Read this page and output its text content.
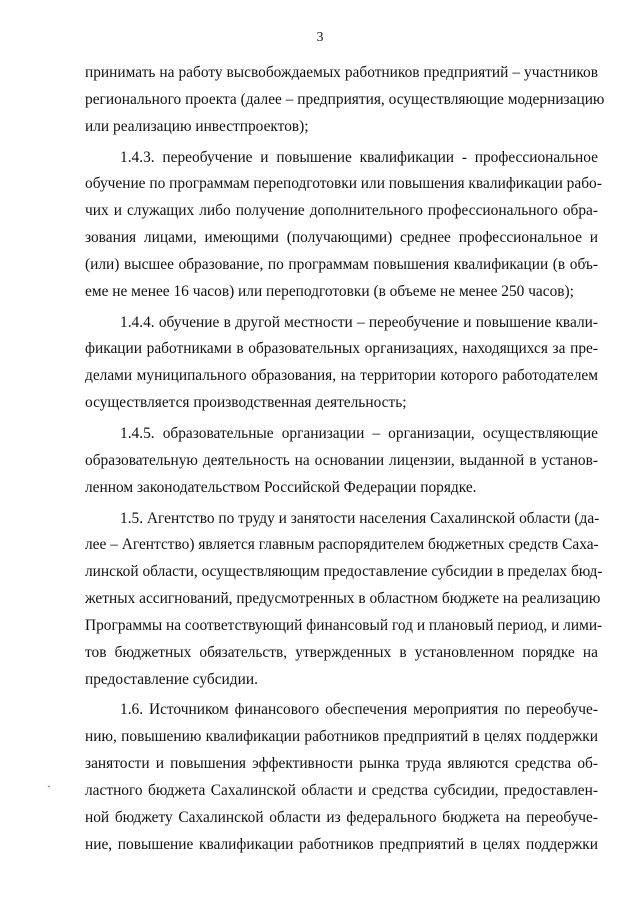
3
принимать на работу высвобождаемых работников предприятий – участников
регионального проекта (далее – предприятия, осуществляющие модернизацию
или реализацию инвестпроектов);
1.4.3. переобучение и повышение квалификации - профессиональное
обучение по программам переподготовки или повышения квалификации рабо-
чих и служащих либо получение дополнительного профессионального обра-
зования лицами, имеющими (получающими) среднее профессиональное и
(или) высшее образование, по программам повышения квалификации (в объ-
еме не менее 16 часов) или переподготовки (в объеме не менее 250 часов);
1.4.4. обучение в другой местности – переобучение и повышение квали-
фикации работниками в образовательных организациях, находящихся за пре-
делами муниципального образования, на территории которого работодателем
осуществляется производственная деятельность;
1.4.5. образовательные организации – организации, осуществляющие
образовательную деятельность на основании лицензии, выданной в установ-
ленном законодательством Российской Федерации порядке.
1.5. Агентство по труду и занятости населения Сахалинской области (да-
лее – Агентство) является главным распорядителем бюджетных средств Саха-
линской области, осуществляющим предоставление субсидии в пределах бюд-
жетных ассигнований, предусмотренных в областном бюджете на реализацию
Программы на соответствующий финансовый год и плановый период, и лими-
тов бюджетных обязательств, утвержденных в установленном порядке на
предоставление субсидии.
1.6. Источником финансового обеспечения мероприятия по переобуче-
нию, повышению квалификации работников предприятий в целях поддержки
занятости и повышения эффективности рынка труда являются средства об-
ластного бюджета Сахалинской области и средства субсидии, предоставлен-
ной бюджету Сахалинской области из федерального бюджета на переобуче-
ние, повышение квалификации работников предприятий в целях поддержки
ˋ
